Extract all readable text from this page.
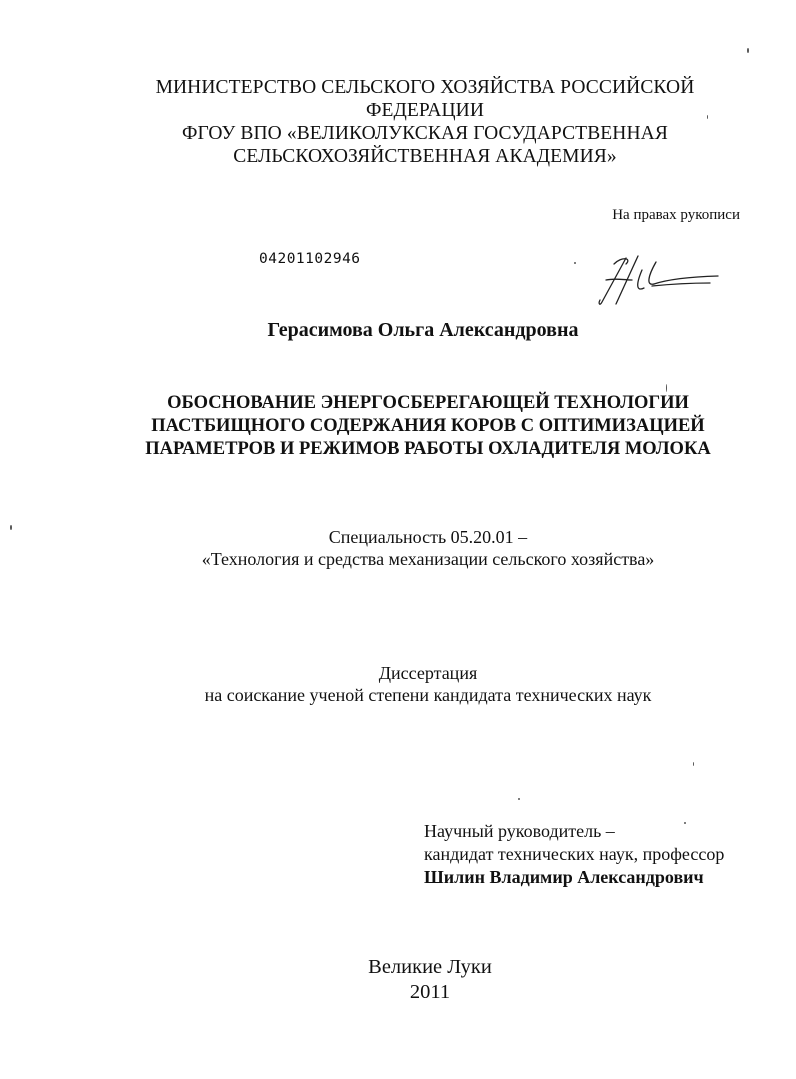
МИНИСТЕРСТВО СЕЛЬСКОГО ХОЗЯЙСТВА РОССИЙСКОЙ
ФЕДЕРАЦИИ
ФГОУ ВПО «ВЕЛИКОЛУКСКАЯ ГОСУДАРСТВЕННАЯ
СЕЛЬСКОХОЗЯЙСТВЕННАЯ АКАДЕМИЯ»
На правах рукописи
04201102946
Герасимова Ольга Александровна
ОБОСНОВАНИЕ ЭНЕРГОСБЕРЕГАЮЩЕЙ ТЕХНОЛОГИИ
ПАСТБИЩНОГО СОДЕРЖАНИЯ КОРОВ С ОПТИМИЗАЦИЕЙ
ПАРАМЕТРОВ И РЕЖИМОВ РАБОТЫ ОХЛАДИТЕЛЯ МОЛОКА
Специальность 05.20.01 –
«Технология и средства механизации сельского хозяйства»
Диссертация
на соискание ученой степени кандидата технических наук
Научный руководитель –
кандидат технических наук, профессор
Шилин Владимир Александрович
Великие Луки
2011
